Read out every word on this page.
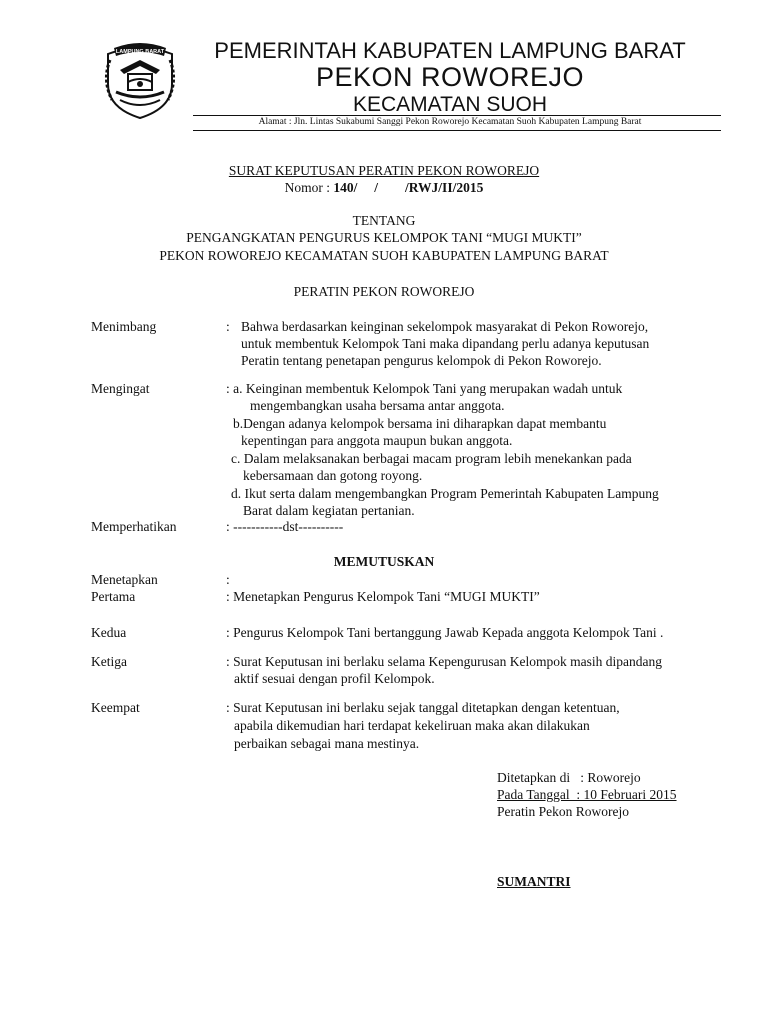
LAMPUNG BARAT	PEMERINTAH KABUPATEN LAMPUNG BARAT
PEKON ROWOREJO
KECAMATAN SUOH
Alamat : Jln. Lintas Sukabumi Sanggi Pekon Roworejo Kecamatan Suoh Kabupaten Lampung Barat
SURAT KEPUTUSAN PERATIN PEKON ROWOREJO
Nomor : 140/     /        /RWJ/II/2015
TENTANG
PENGANGKATAN PENGURUS KELOMPOK TANI “MUGI MUKTI”
PEKON ROWOREJO KECAMATAN SUOH KABUPATEN LAMPUNG BARAT
PERATIN PEKON ROWOREJO
Menimbang	: Bahwa berdasarkan keinginan sekelompok masyarakat di Pekon Roworejo,
untuk membentuk Kelompok Tani maka dipandang perlu adanya keputusan
Peratin tentang penetapan pengurus kelompok di Pekon Roworejo.
Mengingat	: a. Keinginan membentuk Kelompok Tani yang merupakan wadah untuk
mengembangkan usaha bersama antar anggota.
b.Dengan adanya kelompok bersama ini diharapkan dapat membantu
kepentingan para anggota maupun bukan anggota.
c. Dalam melaksanakan berbagai macam program lebih menekankan pada
kebersamaan dan gotong royong.
d. Ikut serta dalam mengembangkan Program Pemerintah Kabupaten Lampung
Barat dalam kegiatan pertanian.
Memperhatikan	: -----------dst----------
MEMUTUSKAN
Menetapkan	:
Pertama	: Menetapkan Pengurus Kelompok Tani “MUGI MUKTI”
Kedua	: Pengurus Kelompok Tani bertanggung Jawab Kepada anggota Kelompok Tani .
Ketiga	: Surat Keputusan ini berlaku selama Kepengurusan Kelompok masih dipandang
aktif sesuai dengan profil Kelompok.
Keempat	: Surat Keputusan ini berlaku sejak tanggal ditetapkan dengan ketentuan,
apabila dikemudian hari terdapat kekeliruan maka akan dilakukan
perbaikan sebagai mana mestinya.
Ditetapkan di   : Roworejo
Pada Tanggal  : 10 Februari 2015
Peratin Pekon Roworejo
SUMANTRI
